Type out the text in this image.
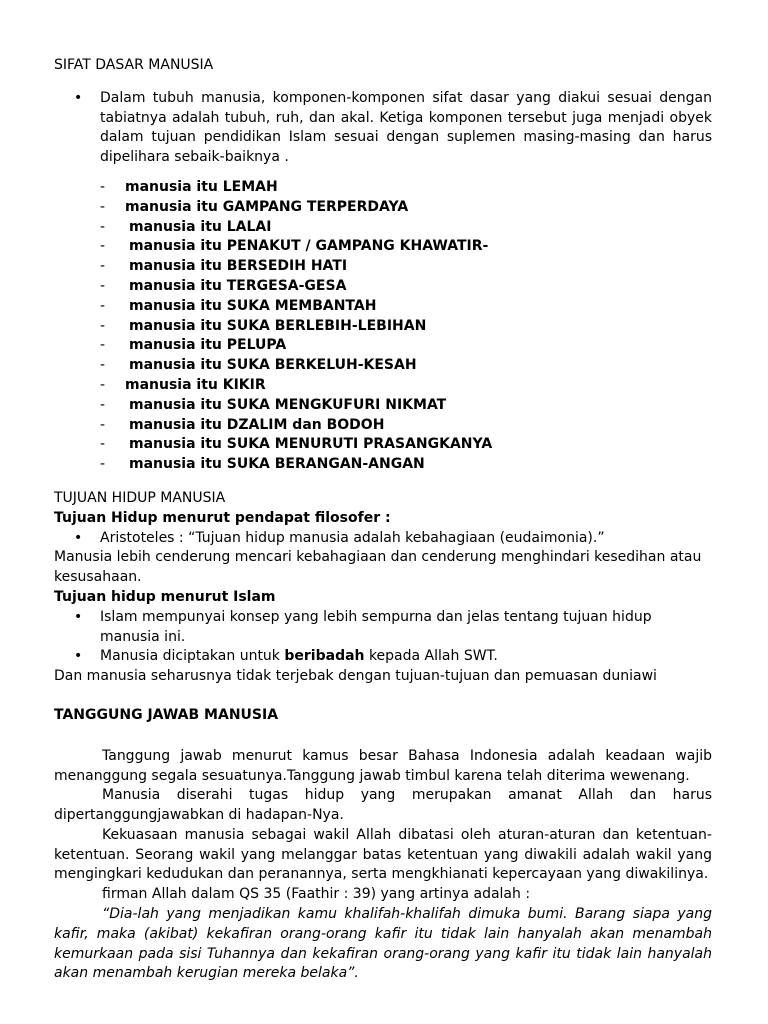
SIFAT DASAR MANUSIA

•	Dalam tubuh manusia, komponen-komponen sifat dasar yang diakui sesuai dengan tabiatnya adalah tubuh, ruh, dan akal. Ketiga komponen tersebut juga menjadi obyek dalam tujuan pendidikan Islam sesuai dengan suplemen masing-masing dan harus dipelihara sebaik-baiknya .
-	manusia itu LEMAH
-	manusia itu GAMPANG TERPERDAYA
-	manusia itu LALAI
-	manusia itu PENAKUT / GAMPANG KHAWATIR-
-	manusia itu BERSEDIH HATI
-	manusia itu TERGESA-GESA
-	manusia itu SUKA MEMBANTAH
-	manusia itu SUKA BERLEBIH-LEBIHAN
-	manusia itu PELUPA
-	manusia itu SUKA BERKELUH-KESAH
-	manusia itu KIKIR
-	manusia itu SUKA MENGKUFURI NIKMAT
-	manusia itu DZALIM dan BODOH
-	manusia itu SUKA MENURUTI PRASANGKANYA
-	manusia itu SUKA BERANGAN-ANGAN

TUJUAN HIDUP MANUSIA

Tujuan Hidup menurut pendapat filosofer :

•	Aristoteles : “Tujuan hidup manusia adalah kebahagiaan (eudaimonia).”

Manusia lebih cenderung mencari kebahagiaan dan cenderung menghindari kesedihan atau kesusahaan.

Tujuan hidup menurut Islam

•	Islam mempunyai konsep yang lebih sempurna dan jelas tentang tujuan hidup manusia ini.
•	Manusia diciptakan untuk beribadah kepada Allah SWT.

Dan manusia seharusnya tidak terjebak dengan tujuan-tujuan dan pemuasan duniawi

TANGGUNG JAWAB MANUSIA

Tanggung jawab menurut kamus besar Bahasa Indonesia adalah keadaan wajib menanggung segala sesuatunya.Tanggung jawab timbul karena telah diterima wewenang.

Manusia diserahi tugas hidup yang merupakan amanat Allah dan harus dipertanggungjawabkan di hadapan-Nya.

Kekuasaan manusia sebagai wakil Allah dibatasi oleh aturan-aturan dan ketentuan-ketentuan. Seorang wakil yang melanggar batas ketentuan yang diwakili adalah wakil yang mengingkari kedudukan dan peranannya, serta mengkhianati kepercayaan yang diwakilinya.

firman Allah dalam QS 35 (Faathir : 39) yang artinya adalah :

“Dia-lah yang menjadikan kamu khalifah-khalifah dimuka bumi. Barang siapa yang kafir, maka (akibat) kekafiran orang-orang kafir itu tidak lain hanyalah akan menambah kemurkaan pada sisi Tuhannya dan kekafiran orang-orang yang kafir itu tidak lain hanyalah akan menambah kerugian mereka belaka”.
